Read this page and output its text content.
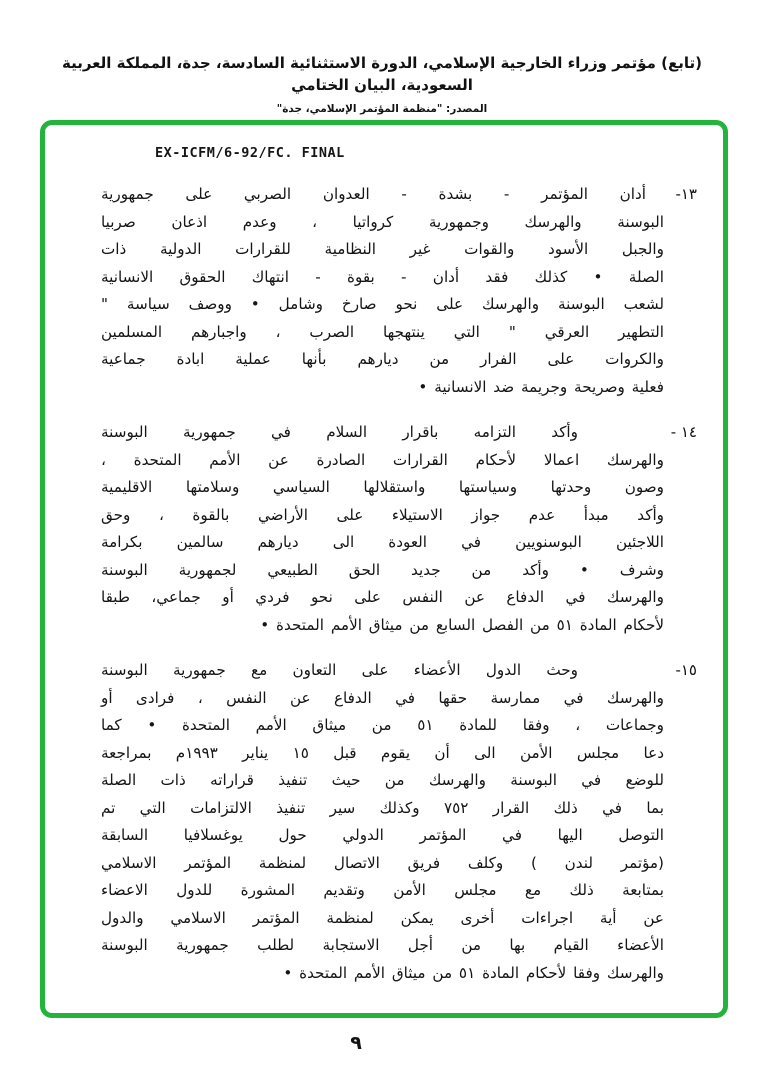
(تابع) مؤتمر وزراء الخارجية الإسلامي، الدورة الاستثنائية السادسة، جدة، المملكة العربية السعودية، البيان الختامي
المصدر: "منظمة المؤتمر الإسلامي، جدة"
EX-ICFM/6-92/FC. FINAL
١٣-
أدان المؤتمر - بشدة - العدوان الصربي على جمهورية
البوسنة والهرسك وجمهورية كرواتيا ، وعدم اذعان صربيا
والجبل الأسود والقوات غير النظامية للقرارات الدولية ذات
الصلة • كذلك فقد أدان - بقوة - انتهاك الحقوق الانسانية
لشعب البوسنة والهرسك على نحو صارخ وشامل • ووصف سياسة "
التطهير العرقي " التي ينتهجها الصرب ، واجبارهم المسلمين
والكروات على الفرار من ديارهم بأنها عملية ابادة جماعية
فعلية وصريحة وجريمة ضد الانسانية •
١٤ -
وأكد التزامه باقرار السلام في جمهورية البوسنة
والهرسك اعمالا لأحكام القرارات الصادرة عن الأمم المتحدة ،
وصون وحدتها وسياستها واستقلالها السياسي وسلامتها الاقليمية
وأكد مبدأ عدم جواز الاستيلاء على الأراضي بالقوة ، وحق
اللاجئين البوسنويين في العودة الى ديارهم سالمين بكرامة
وشرف • وأكد من جديد الحق الطبيعي لجمهورية البوسنة
والهرسك في الدفاع عن النفس على نحو فردي أو جماعي، طبقا
لأحكام المادة ٥١ من الفصل السابع من ميثاق الأمم المتحدة •
١٥-
وحث الدول الأعضاء على التعاون مع جمهورية البوسنة
والهرسك في ممارسة حقها في الدفاع عن النفس ، فرادى أو
وجماعات ، وفقا للمادة ٥١ من ميثاق الأمم المتحدة • كما
دعا مجلس الأمن الى أن يقوم قبل ١٥ يناير ١٩٩٣م بمراجعة
للوضع في البوسنة والهرسك من حيث تنفيذ قراراته ذات الصلة
بما في ذلك القرار ٧٥٢ وكذلك سير تنفيذ الالتزامات التي تم
التوصل اليها في المؤتمر الدولي حول يوغسلافيا السابقة
(مؤتمر لندن ) وكلف فريق الاتصال لمنظمة المؤتمر الاسلامي
بمتابعة ذلك مع مجلس الأمن وتقديم المشورة للدول الاعضاء
عن أية اجراءات أخرى يمكن لمنظمة المؤتمر الاسلامي والدول
الأعضاء القيام بها من أجل الاستجابة لطلب جمهورية البوسنة
والهرسك وفقا لأحكام المادة ٥١ من ميثاق الأمم المتحدة •
٩
